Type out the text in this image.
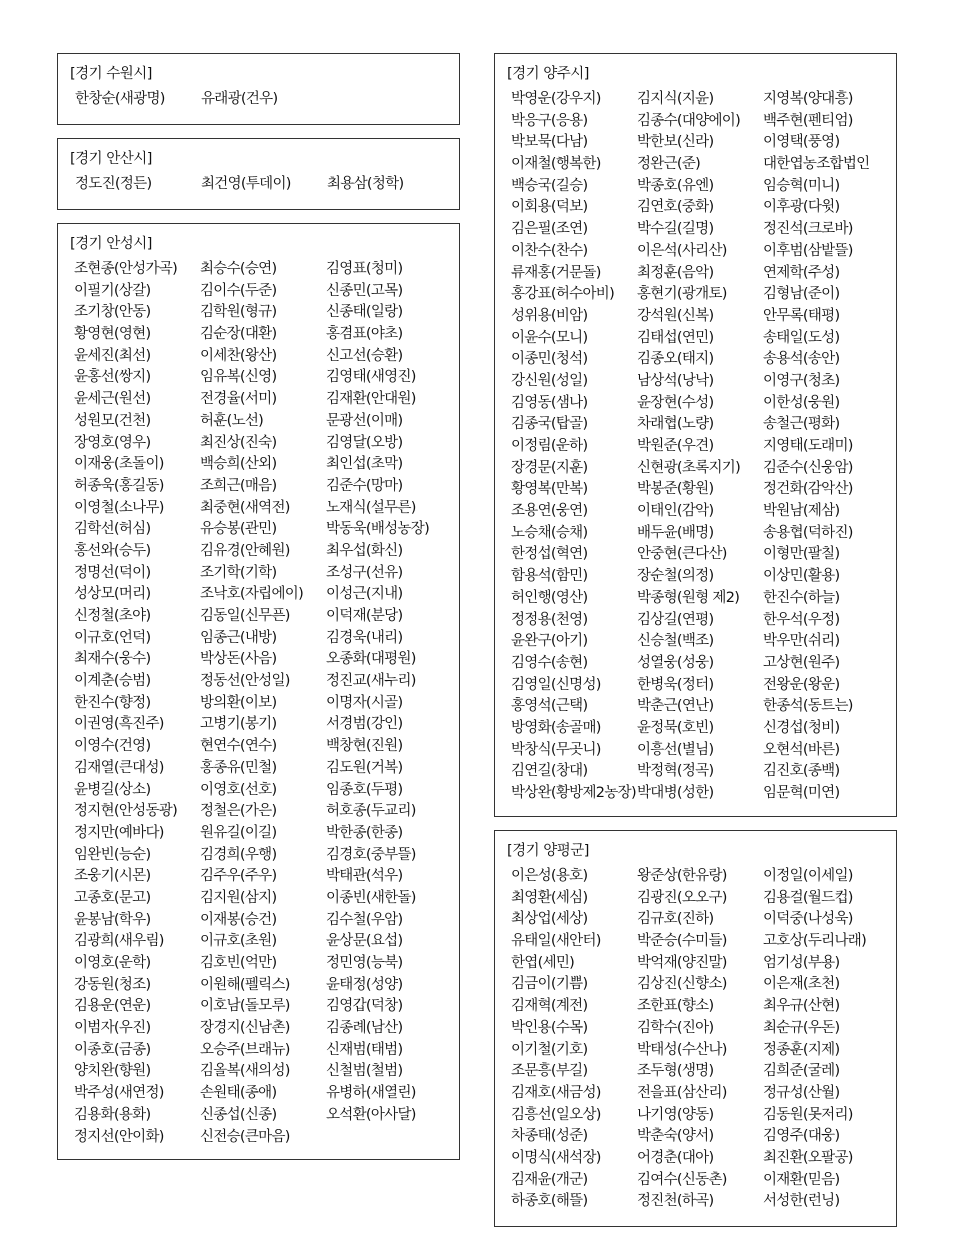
[경기 수원시]

한창순(새광명)	유래광(건우)

[경기 안산시]

정도진(정든)	최건영(투데이)	최용삼(청학)

[경기 안성시]

조현종(안성가곡)	최승수(승연)	김영표(청미)
이필기(상갈)	김이수(두준)	신종민(고목)
조기창(안동)	김학원(형규)	신종태(일랑)
황영현(영현)	김순장(대환)	홍겸표(야초)
윤세진(최선)	이세찬(왕산)	신고선(승환)
윤홍선(쌍지)	임유복(신영)	김영태(새영진)
윤세근(원선)	전경율(서미)	김재환(안대원)
성원모(건천)	허훈(노선)	문광선(이매)
장영호(영우)	최진상(진숙)	김영달(오방)
이재웅(초돌이)	백승희(산외)	최인섭(초막)
허종욱(홍길동)	조희근(매음)	김준수(망마)
이영철(소나무)	최중현(새역전)	노재식(설무른)
김학선(허심)	유승봉(관민)	박동욱(배성농장)
홍선와(승두)	김유경(안혜원)	최우섭(화신)
정명선(덕이)	조기학(기학)	조성구(선유)
성상모(머리)	조낙호(자립에이)	이성근(지내)
신정철(초야)	김동일(신무픈)	이덕재(분당)
이규호(언덕)	임종근(내방)	김경욱(내리)
최재수(웅수)	박상돈(사음)	오종화(대평원)
이계춘(승범)	정동선(안성일)	정진교(새누리)
한진수(향정)	방의환(이보)	이명자(시골)
이권영(흑진주)	고병기(봉기)	서경범(강인)
이영수(건영)	현연수(연수)	백창현(진원)
김재열(큰대성)	홍종유(민철)	김도원(거복)
윤병길(상소)	이영호(선호)	임종호(두평)
정지현(안성동광)	정철은(가은)	허호종(두교리)
정지만(예바다)	원유길(이길)	박한종(한종)
임완빈(능순)	김경희(우행)	김경호(중부뜰)
조웅기(시몬)	김주우(주우)	박태관(석우)
고종호(문고)	김지원(삼지)	이종빈(새한돌)
윤봉남(학우)	이재봉(승건)	김수철(우암)
김광희(새우림)	이규호(초원)	윤상문(요섭)
이영호(운학)	김호빈(억만)	정민영(능북)
강동원(청조)	이원해(펠릭스)	윤태정(성양)
김용운(연운)	이호남(돌모루)	김영갑(덕창)
이범자(우진)	장경지(신남촌)	김종례(남산)
이종호(금종)	오승주(브래뉴)	신재범(태범)
양치완(향원)	김올복(새의성)	신철범(철범)
박주성(새연정)	손원태(종애)	유병하(새열린)
김용화(용화)	신종섭(신종)	오석환(아사달)
정지선(안이화)	신전승(큰마음)

[경기 양주시]

박영운(강우지)	김지식(지윤)	지영복(양대흥)
박응구(응용)	김종수(대양에이)	백주현(펜티엄)
박보묵(다남)	박한보(신라)	이영택(풍영)
이재철(행복한)	정완근(준)	대한엽농조합법인
백승국(길승)	박종호(유엔)	임승혁(미니)
이회용(덕보)	김연호(중화)	이후광(다윗)
김은필(조연)	박수길(길명)	정진석(크로바)
이찬수(찬수)	이은석(사리산)	이후범(삼밭뜰)
류재홍(거문돌)	최정훈(음악)	연제학(주성)
홍강표(허수아비)	홍현기(광개토)	김형남(준이)
성위용(비암)	강석원(신복)	안무록(태평)
이윤수(모니)	김태섭(연민)	송태일(도성)
이종민(청석)	김종오(태지)	송용석(송안)
강신원(성일)	남상석(낭낙)	이영구(청초)
김영동(샘나)	윤장현(수성)	이한성(웅원)
김종국(탑골)	차래협(노량)	송철근(평화)
이정림(운하)	박원준(우견)	지영태(도래미)
장경문(지훈)	신현광(초록지기)	김준수(신웅암)
황영복(만복)	박봉준(황원)	정건화(감악산)
조용연(웅연)	이태인(감악)	박원남(제삼)
노승채(승채)	배두윤(배명)	송용협(덕하진)
한정섭(혁연)	안중현(큰다산)	이형만(팔칠)
함용석(함민)	장순철(의정)	이상민(활용)
허인행(영산)	박종형(원형 제2)	한진수(하늘)
정정용(천영)	김상길(연평)	한우석(우정)
윤완구(아기)	신승철(백조)	박우만(쉬리)
김영수(송현)	성열웅(성웅)	고상현(원주)
김영일(신명성)	한병욱(정터)	전왕운(왕운)
홍영석(근택)	박춘근(연난)	한종석(동트는)
방영화(송골매)	윤정묵(호빈)	신경섭(청비)
박창식(무곳니)	이흥선(별님)	오현석(바른)
김연길(창대)	박정혁(정곡)	김진호(종백)
박상완(황방제2농장) 박대병(성한)	임문혁(미연)

[경기 양평군]

이은성(용호)	왕준상(한유랑)	이정일(이세일)
최영환(세심)	김광진(오오구)	김용걸(월드컵)
최상업(세상)	김규호(진하)	이덕중(나성욱)
유태일(새안터)	박준승(수미들)	고호상(두리나래)
한엽(세민)	박억재(양진말)	엄기성(부용)
김금이(기쁨)	김상진(신향소)	이은재(초천)
김재혁(계전)	조한표(향소)	최우규(산현)
박인용(수목)	김학수(진아)	최순규(우돈)
이기철(기호)	박태성(수산나)	정종훈(지제)
조문흥(부길)	조두형(생명)	김희준(굴레)
김재호(새금성)	전을표(삼산리)	정규성(산월)
김흥선(일오상)	나기영(양동)	김동원(못저리)
차종태(성준)	박춘숙(양서)	김영주(대웅)
이명식(새석장)	어경춘(대아)	최진환(오팔공)
김재윤(개군)	김여수(신동촌)	이재환(믿음)
하종호(해뜰)	정진천(하곡)	서성한(런닝)
